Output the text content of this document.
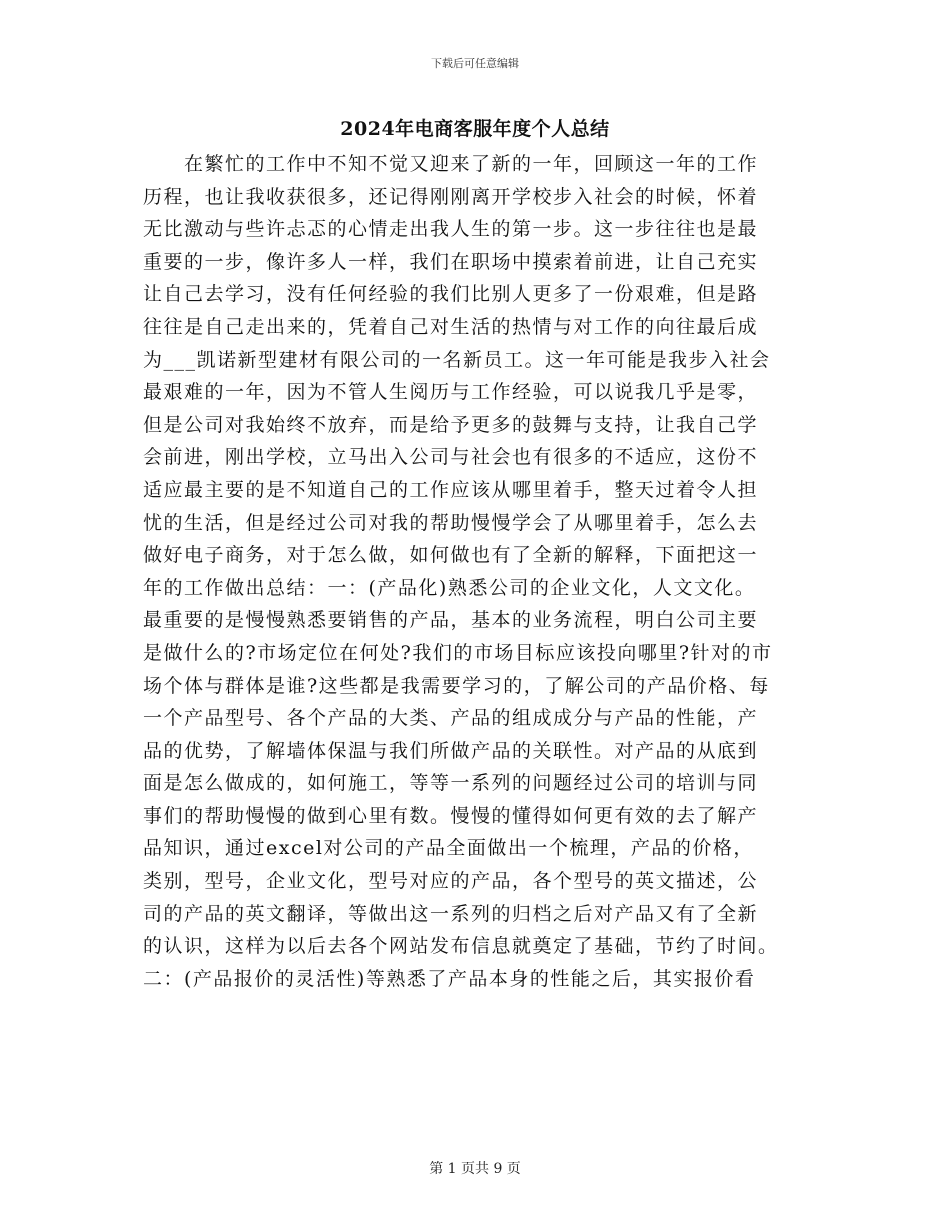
下载后可任意编辑
2024年电商客服年度个人总结
　　在繁忙的工作中不知不觉又迎来了新的一年，回顾这一年的工作
历程，也让我收获很多，还记得刚刚离开学校步入社会的时候，怀着
无比激动与些许忐忑的心情走出我人生的第一步。这一步往往也是最
重要的一步，像许多人一样，我们在职场中摸索着前进，让自己充实
让自己去学习，没有任何经验的我们比别人更多了一份艰难，但是路
往往是自己走出来的，凭着自己对生活的热情与对工作的向往最后成
为___凯诺新型建材有限公司的一名新员工。这一年可能是我步入社会
最艰难的一年，因为不管人生阅历与工作经验，可以说我几乎是零，
但是公司对我始终不放弃，而是给予更多的鼓舞与支持，让我自己学
会前进，刚出学校，立马出入公司与社会也有很多的不适应，这份不
适应最主要的是不知道自己的工作应该从哪里着手，整天过着令人担
忧的生活，但是经过公司对我的帮助慢慢学会了从哪里着手，怎么去
做好电子商务，对于怎么做，如何做也有了全新的解释，下面把这一
年的工作做出总结：一：(产品化)熟悉公司的企业文化，人文文化。
最重要的是慢慢熟悉要销售的产品，基本的业务流程，明白公司主要
是做什么的?市场定位在何处?我们的市场目标应该投向哪里?针对的市
场个体与群体是谁?这些都是我需要学习的，了解公司的产品价格、每
一个产品型号、各个产品的大类、产品的组成成分与产品的性能，产
品的优势，了解墙体保温与我们所做产品的关联性。对产品的从底到
面是怎么做成的，如何施工，等等一系列的问题经过公司的培训与同
事们的帮助慢慢的做到心里有数。慢慢的懂得如何更有效的去了解产
品知识，通过excel对公司的产品全面做出一个梳理，产品的价格，
类别，型号，企业文化，型号对应的产品，各个型号的英文描述，公
司的产品的英文翻译，等做出这一系列的归档之后对产品又有了全新
的认识，这样为以后去各个网站发布信息就奠定了基础，节约了时间。
二：(产品报价的灵活性)等熟悉了产品本身的性能之后，其实报价看
第 1 页共 9 页
